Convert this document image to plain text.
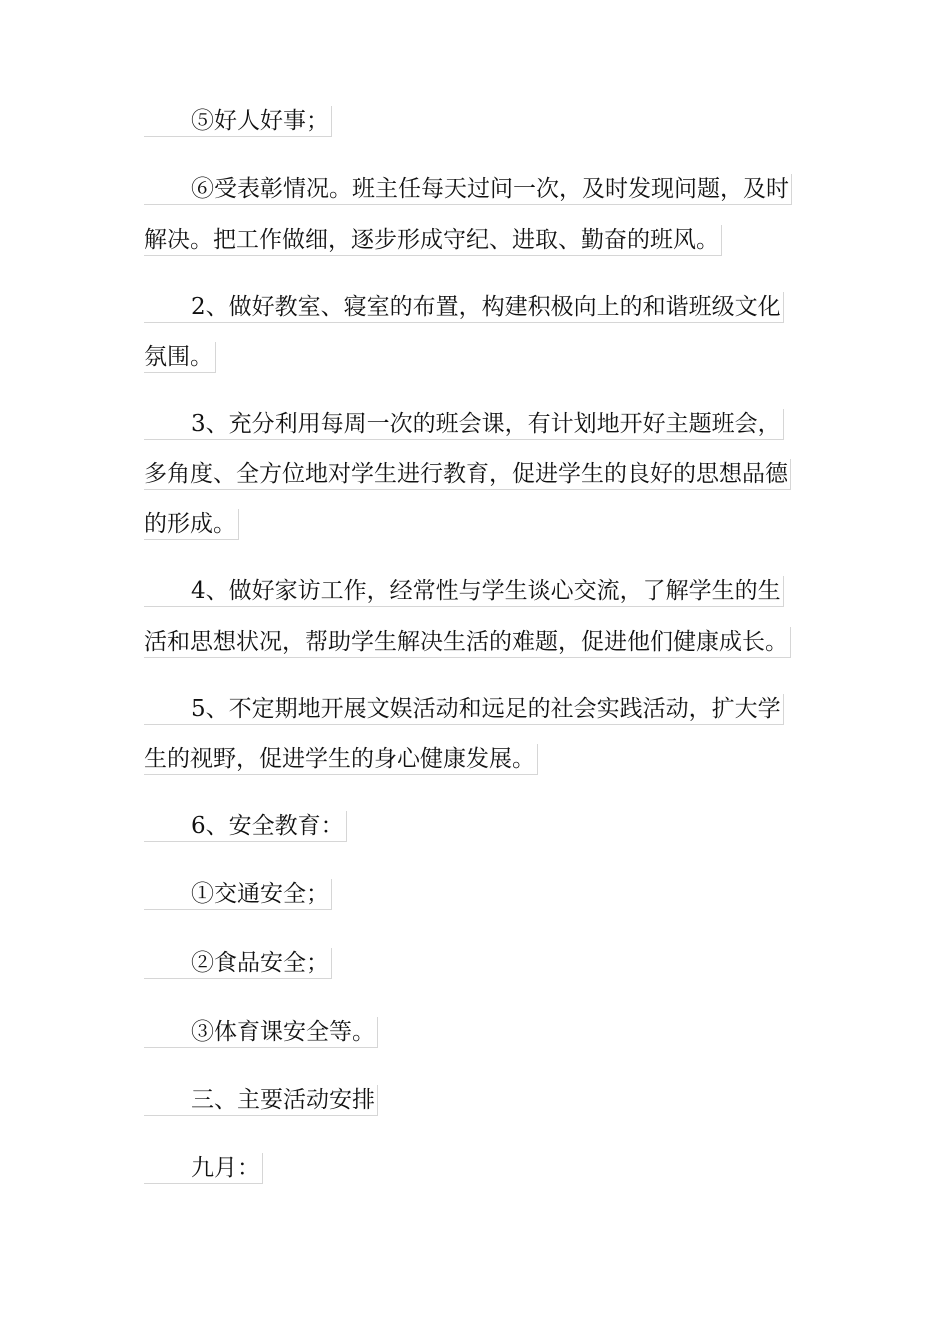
⑤好人好事；
⑥受表彰情况。班主任每天过问一次，及时发现问题，及时
解决。把工作做细，逐步形成守纪、进取、勤奋的班风。
2、做好教室、寝室的布置，构建积极向上的和谐班级文化
氛围。
3、充分利用每周一次的班会课，有计划地开好主题班会，
多角度、全方位地对学生进行教育，促进学生的良好的思想品德
的形成。
4、做好家访工作，经常性与学生谈心交流，了解学生的生
活和思想状况，帮助学生解决生活的难题，促进他们健康成长。
5、不定期地开展文娱活动和远足的社会实践活动，扩大学
生的视野，促进学生的身心健康发展。
6、安全教育：
①交通安全；
②食品安全；
③体育课安全等。
三、主要活动安排
九月：
